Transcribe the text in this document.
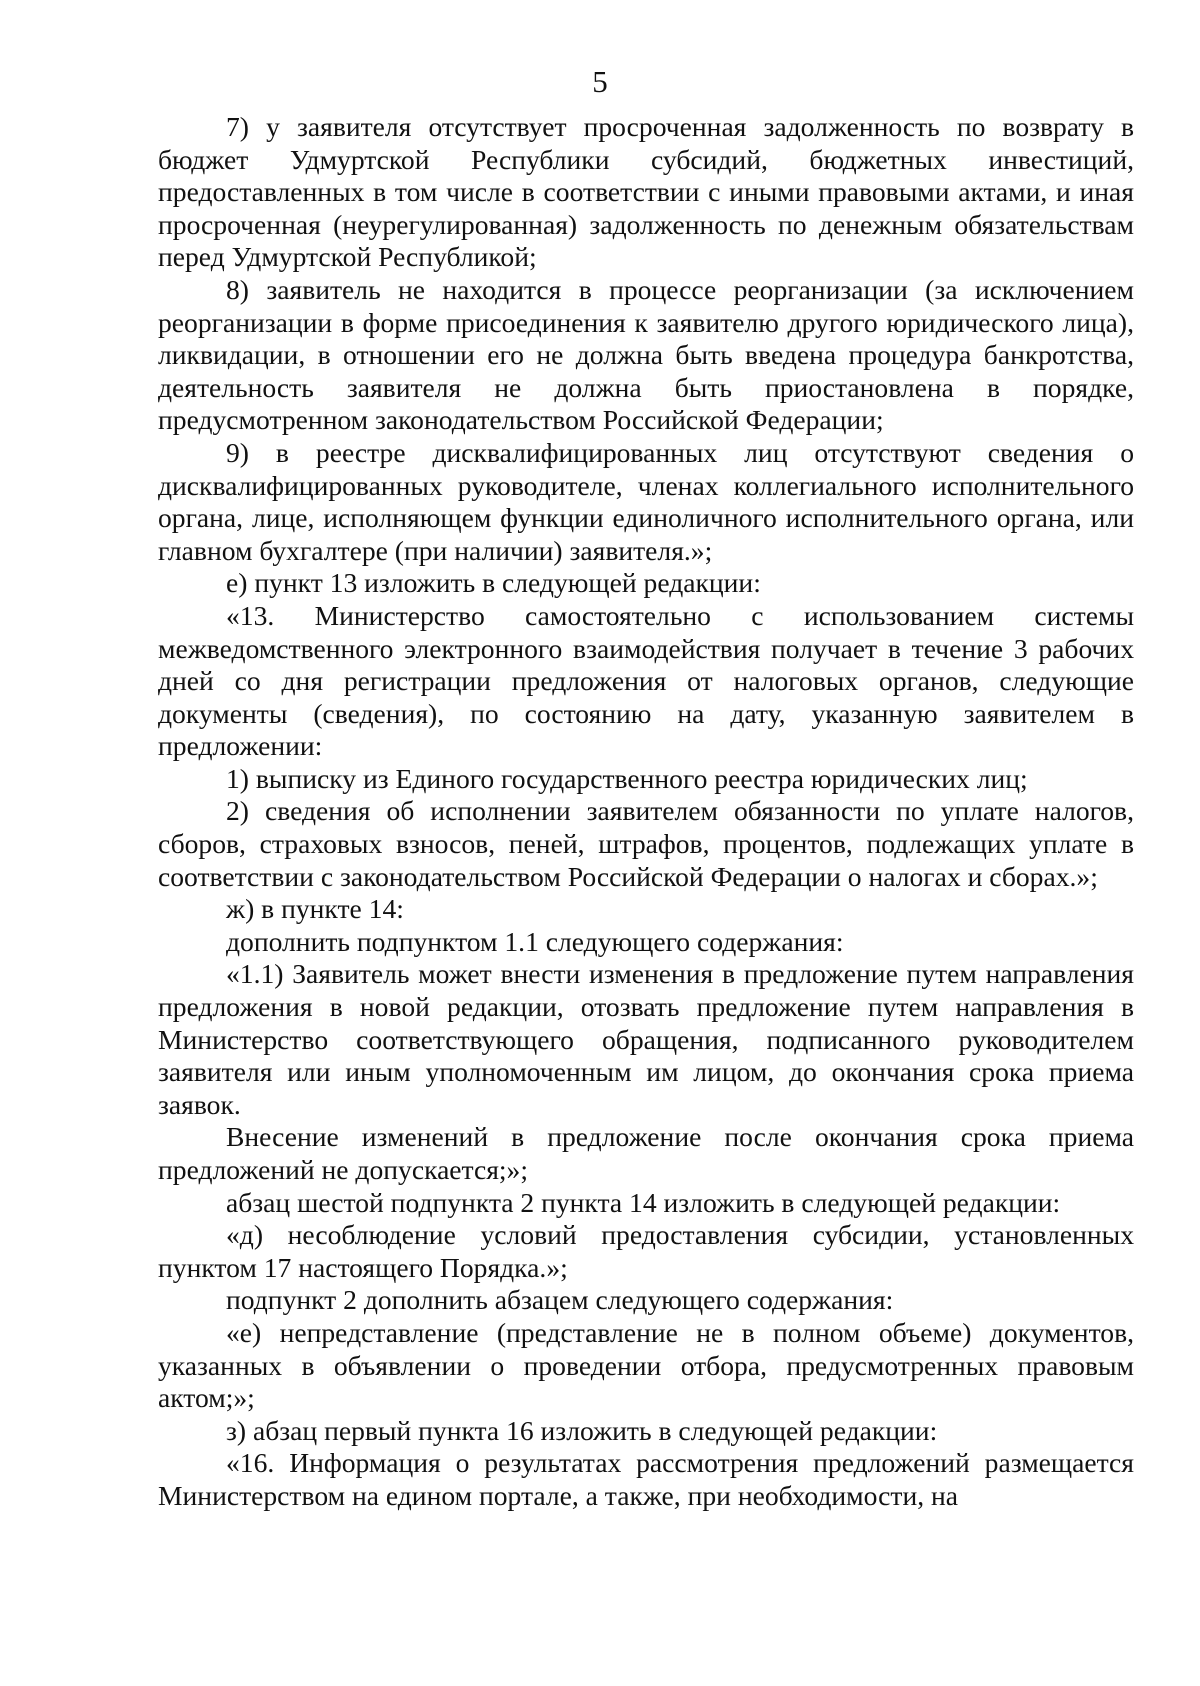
5

7) у заявителя отсутствует просроченная задолженность по возврату в бюджет Удмуртской Республики субсидий, бюджетных инвестиций, предоставленных в том числе в соответствии с иными правовыми актами, и иная просроченная (неурегулированная) задолженность по денежным обязательствам перед Удмуртской Республикой;

8) заявитель не находится в процессе реорганизации (за исключением реорганизации в форме присоединения к заявителю другого юридического лица), ликвидации, в отношении его не должна быть введена процедура банкротства, деятельность заявителя не должна быть приостановлена в порядке, предусмотренном законодательством Российской Федерации;

9) в реестре дисквалифицированных лиц отсутствуют сведения о дисквалифицированных руководителе, членах коллегиального исполнительного органа, лице, исполняющем функции единоличного исполнительного органа, или главном бухгалтере (при наличии) заявителя.»;

е) пункт 13 изложить в следующей редакции:

«13. Министерство самостоятельно с использованием системы межведомственного электронного взаимодействия получает в течение 3 рабочих дней со дня регистрации предложения от налоговых органов, следующие документы (сведения), по состоянию на дату, указанную заявителем в предложении:

1) выписку из Единого государственного реестра юридических лиц;

2) сведения об исполнении заявителем обязанности по уплате налогов, сборов, страховых взносов, пеней, штрафов, процентов, подлежащих уплате в соответствии с законодательством Российской Федерации о налогах и сборах.»;

ж) в пункте 14:

дополнить подпунктом 1.1 следующего содержания:

«1.1) Заявитель может внести изменения в предложение путем направления предложения в новой редакции, отозвать предложение путем направления в Министерство соответствующего обращения, подписанного руководителем заявителя или иным уполномоченным им лицом, до окончания срока приема заявок.

Внесение изменений в предложение после окончания срока приема предложений не допускается;»;

абзац шестой подпункта 2 пункта 14 изложить в следующей редакции:

«д) несоблюдение условий предоставления субсидии, установленных пунктом 17 настоящего Порядка.»;

подпункт 2 дополнить абзацем следующего содержания:

«е) непредставление (представление не в полном объеме) документов, указанных в объявлении о проведении отбора, предусмотренных правовым актом;»;

з) абзац первый пункта 16 изложить в следующей редакции:

«16. Информация о результатах рассмотрения предложений размещается Министерством на едином портале, а также, при необходимости, на
